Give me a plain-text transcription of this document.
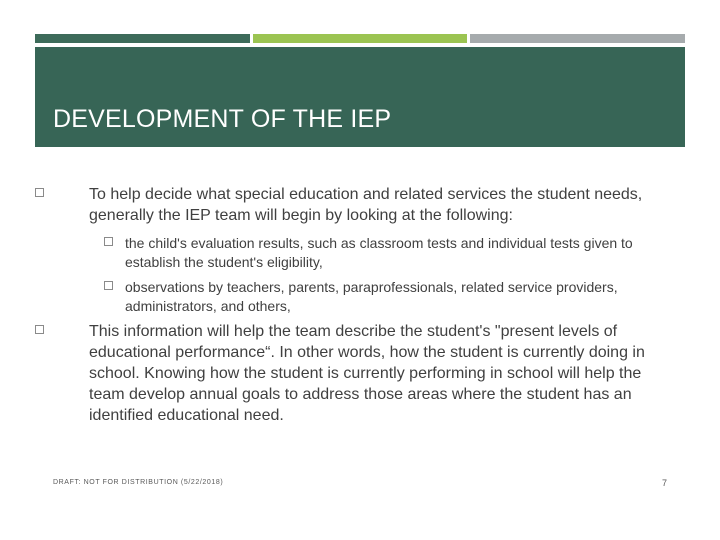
DEVELOPMENT OF THE IEP
To help decide what special education and related services the student needs, generally the IEP team will begin by looking at the following:
the child's evaluation results, such as classroom tests and individual tests given to establish the student's eligibility,
observations by teachers, parents, paraprofessionals, related service providers, administrators, and others,
This information will help the team describe the student's "present levels of educational performance“. In other words, how the student is currently doing in school. Knowing how the student is currently performing in school will help the team develop annual goals to address those areas where the student has an identified educational need.
DRAFT: NOT FOR DISTRIBUTION (5/22/2018)	7
